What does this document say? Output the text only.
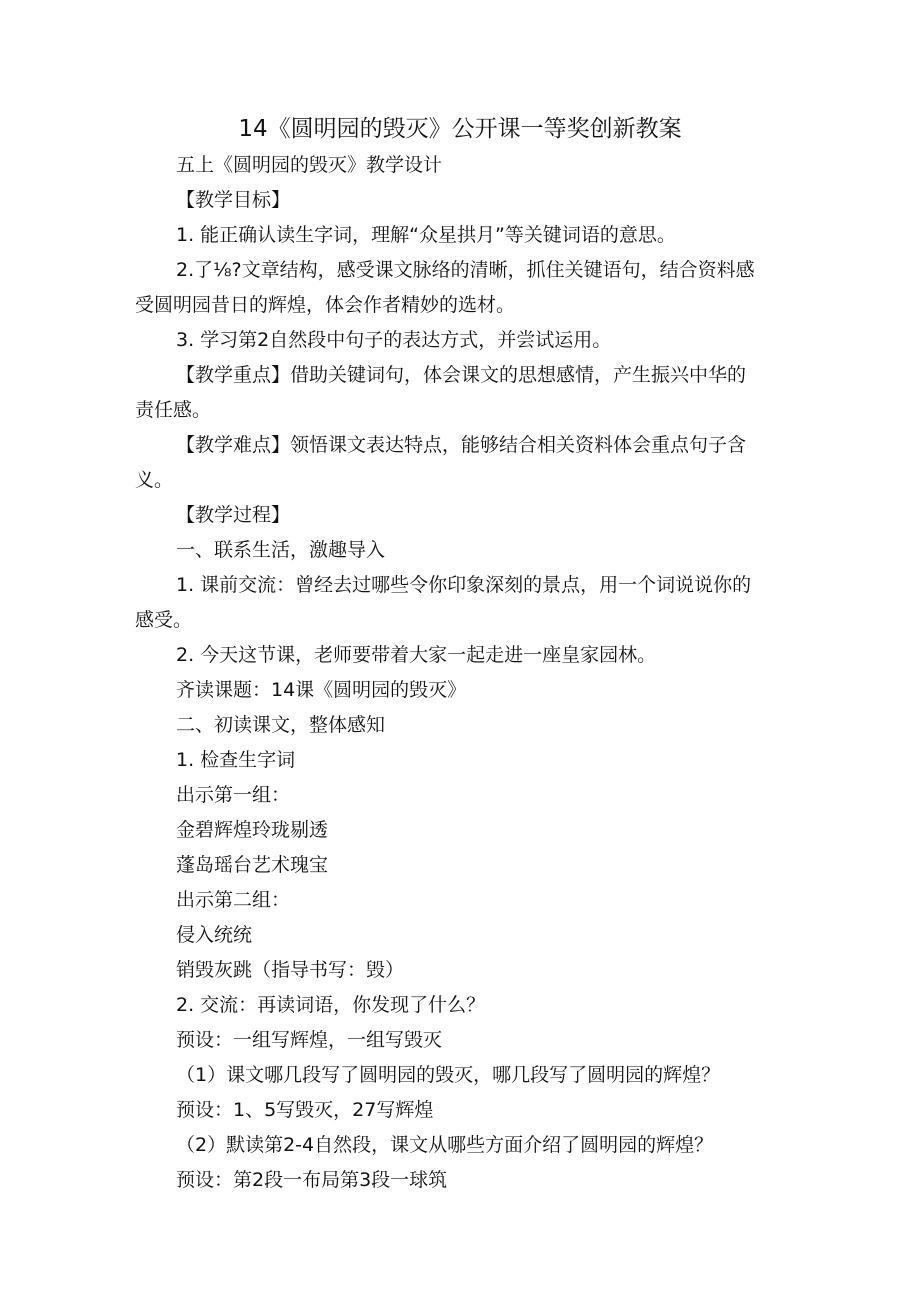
14《圆明园的毁灭》公开课一等奖创新教案
五上《圆明园的毁灭》教学设计
【教学目标】
1. 能正确认读生字词，理解“众星拱月”等关键词语的意思。
2.了⅛?文章结构，感受课文脉络的清晰，抓住关键语句，结合资料感
受圆明园昔日的辉煌，体会作者精妙的选材。
3. 学习第2自然段中句子的表达方式，并尝试运用。
【教学重点】借助关键词句，体会课文的思想感情，产生振兴中华的
责任感。
【教学难点】领悟课文表达特点，能够结合相关资料体会重点句子含
义。
【教学过程】
一、联系生活，激趣导入
1. 课前交流：曾经去过哪些令你印象深刻的景点，用一个词说说你的
感受。
2. 今天这节课，老师要带着大家一起走进一座皇家园林。
齐读课题：14课《圆明园的毁灭》
二、初读课文，整体感知
1. 检查生字词
出示第一组：
金碧辉煌玲珑剔透
蓬岛瑶台艺术瑰宝
出示第二组：
侵入统统
销毁灰跳（指导书写：毁）
2. 交流：再读词语，你发现了什么？
预设：一组写辉煌，一组写毁灭
（1）课文哪几段写了圆明园的毁灭，哪几段写了圆明园的辉煌？
预设：1、5写毁灭，27写辉煌
（2）默读第2-4自然段，课文从哪些方面介绍了圆明园的辉煌？
预设：第2段一布局第3段一球筑
